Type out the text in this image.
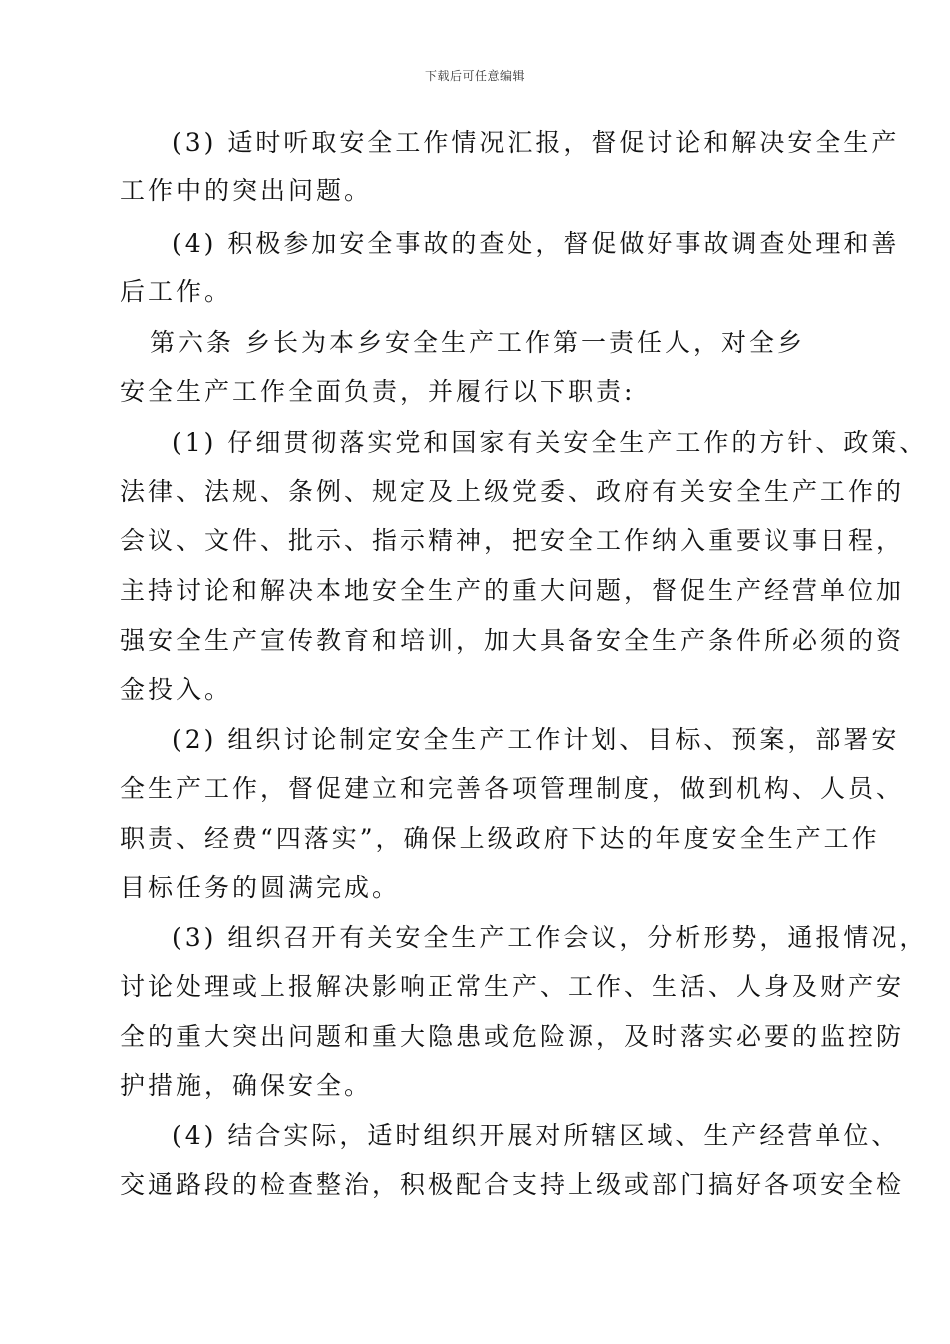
下载后可任意编辑
(3) 适时听取安全工作情况汇报，督促讨论和解决安全生产
工作中的突出问题。
(4) 积极参加安全事故的查处，督促做好事故调查处理和善
后工作。
第六条 乡长为本乡安全生产工作第一责任人，对全乡
安全生产工作全面负责，并履行以下职责:
(1) 仔细贯彻落实党和国家有关安全生产工作的方针、政策、
法律、法规、条例、规定及上级党委、政府有关安全生产工作的
会议、文件、批示、指示精神，把安全工作纳入重要议事日程，
主持讨论和解决本地安全生产的重大问题，督促生产经营单位加
强安全生产宣传教育和培训，加大具备安全生产条件所必须的资
金投入。
(2) 组织讨论制定安全生产工作计划、目标、预案，部署安
全生产工作，督促建立和完善各项管理制度，做到机构、人员、
职责、经费“四落实”，确保上级政府下达的年度安全生产工作
目标任务的圆满完成。
(3) 组织召开有关安全生产工作会议，分析形势，通报情况，
讨论处理或上报解决影响正常生产、工作、生活、人身及财产安
全的重大突出问题和重大隐患或危险源，及时落实必要的监控防
护措施，确保安全。
(4) 结合实际，适时组织开展对所辖区域、生产经营单位、
交通路段的检查整治，积极配合支持上级或部门搞好各项安全检
